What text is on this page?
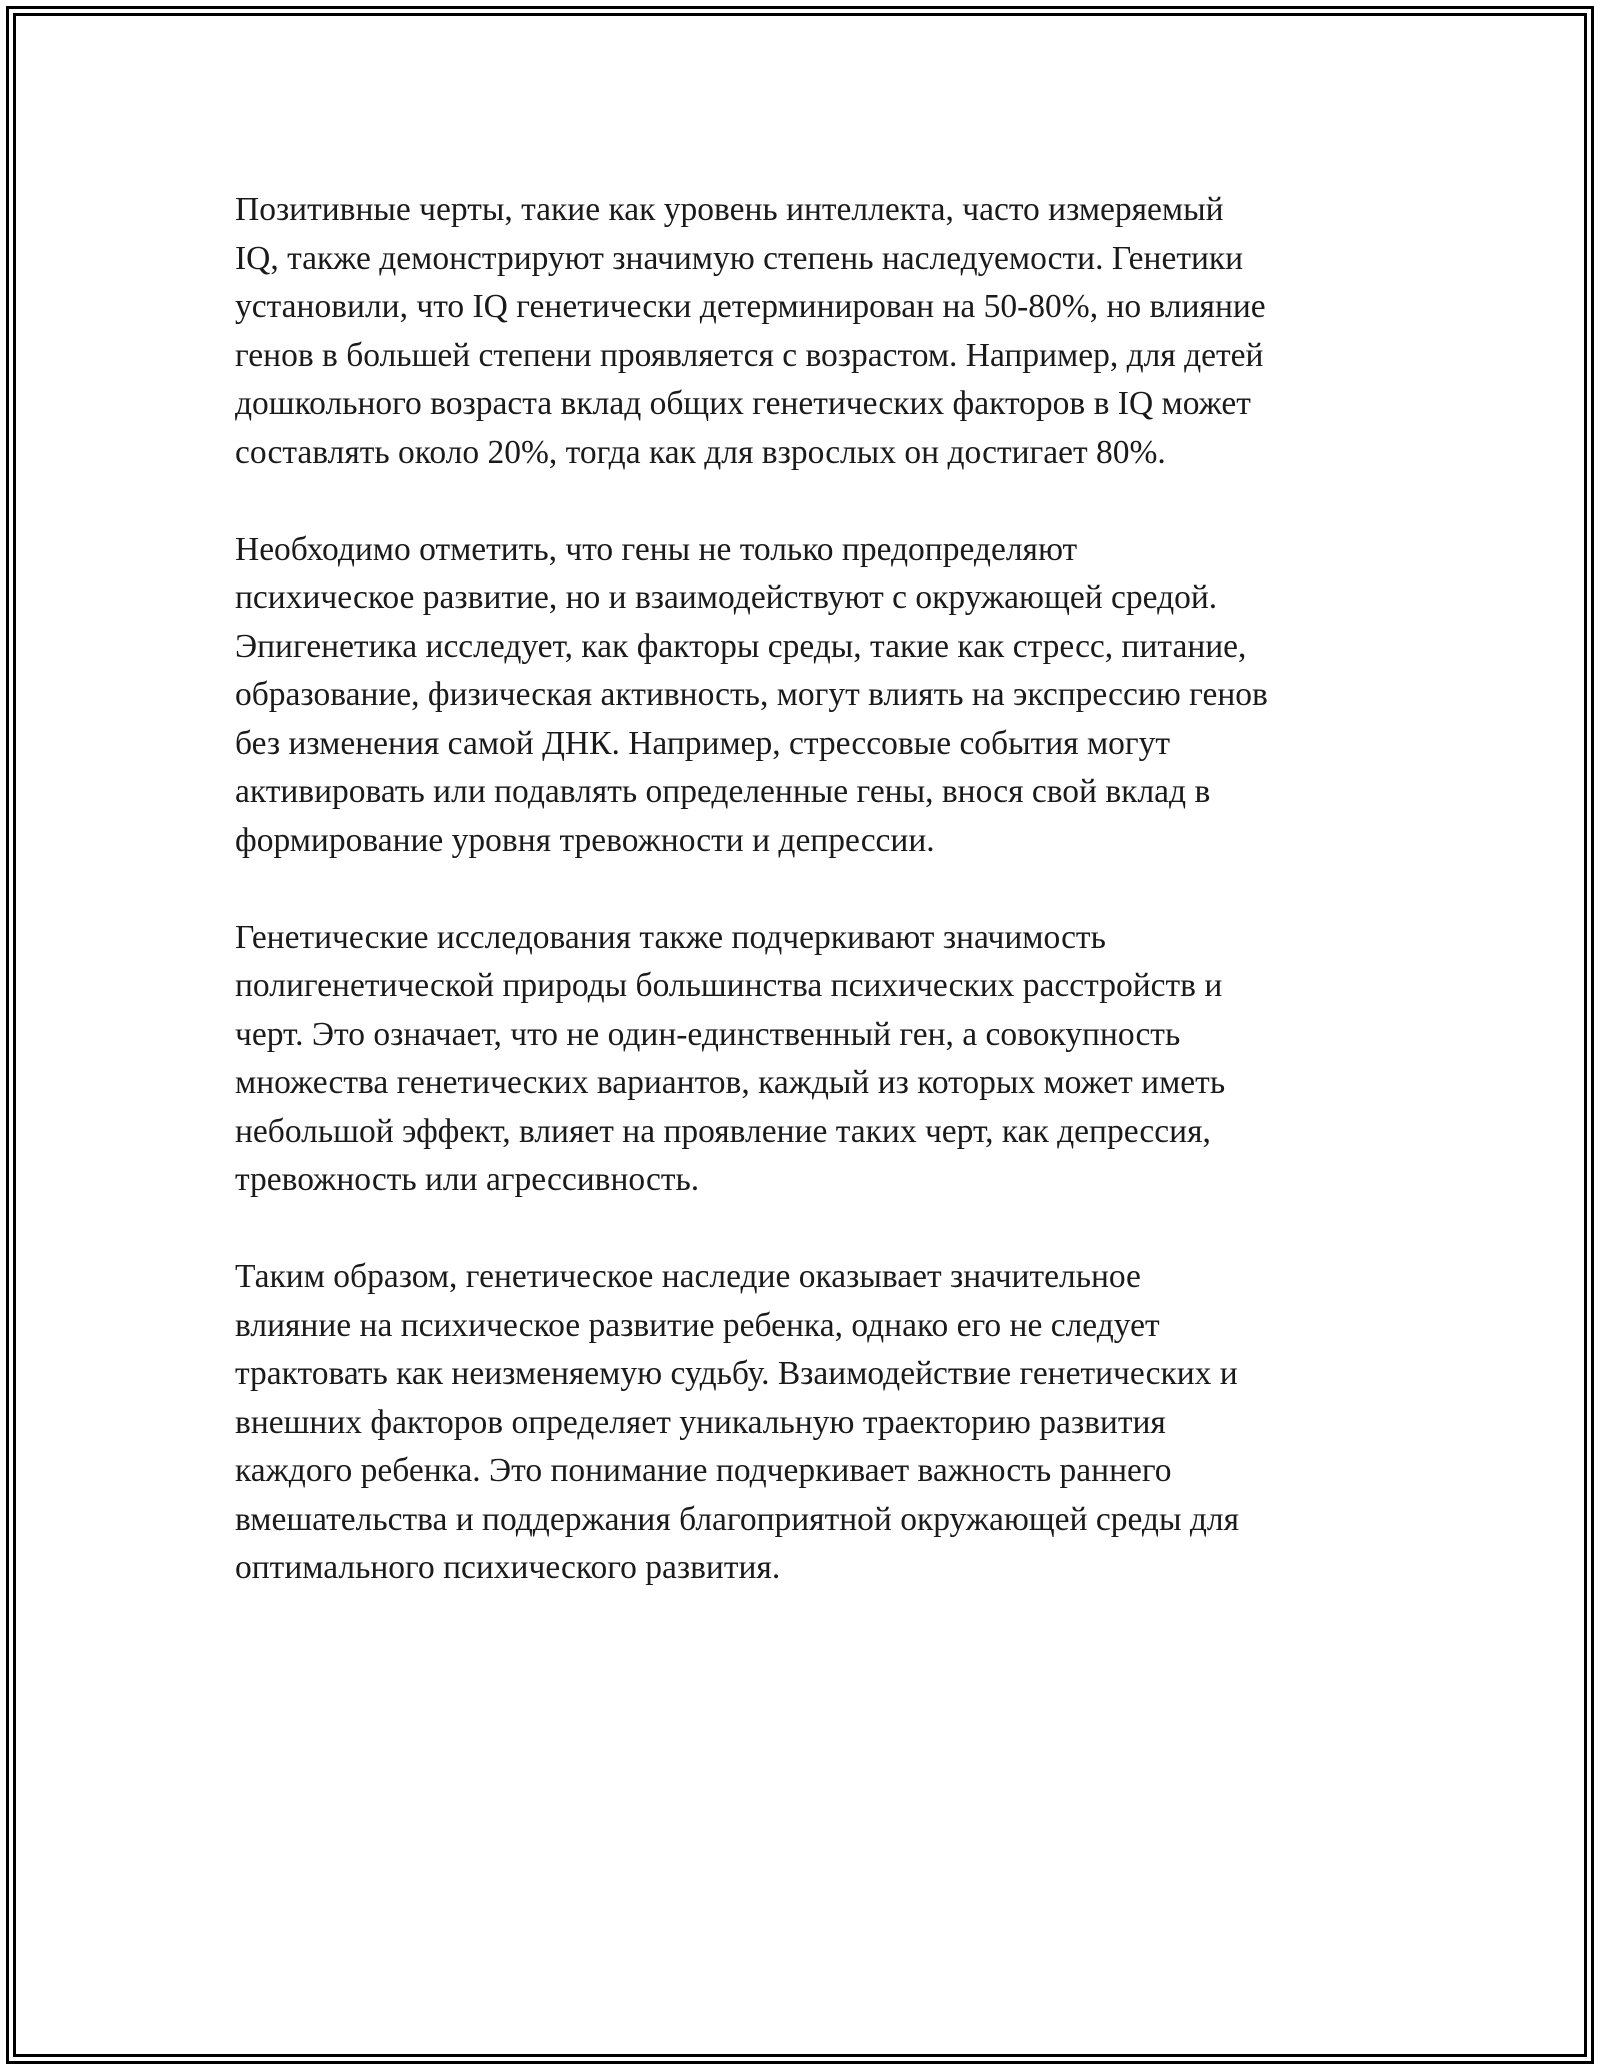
Позитивные черты, такие как уровень интеллекта, часто измеряемый
IQ, также демонстрируют значимую степень наследуемости. Генетики
установили, что IQ генетически детерминирован на 50-80%, но влияние
генов в большей степени проявляется с возрастом. Например, для детей
дошкольного возраста вклад общих генетических факторов в IQ может
составлять около 20%, тогда как для взрослых он достигает 80%.

Необходимо отметить, что гены не только предопределяют
психическое развитие, но и взаимодействуют с окружающей средой.
Эпигенетика исследует, как факторы среды, такие как стресс, питание,
образование, физическая активность, могут влиять на экспрессию генов
без изменения самой ДНК. Например, стрессовые события могут
активировать или подавлять определенные гены, внося свой вклад в
формирование уровня тревожности и депрессии.

Генетические исследования также подчеркивают значимость
полигенетической природы большинства психических расстройств и
черт. Это означает, что не один-единственный ген, а совокупность
множества генетических вариантов, каждый из которых может иметь
небольшой эффект, влияет на проявление таких черт, как депрессия,
тревожность или агрессивность.

Таким образом, генетическое наследие оказывает значительное
влияние на психическое развитие ребенка, однако его не следует
трактовать как неизменяемую судьбу. Взаимодействие генетических и
внешних факторов определяет уникальную траекторию развития
каждого ребенка. Это понимание подчеркивает важность раннего
вмешательства и поддержания благоприятной окружающей среды для
оптимального психического развития.
